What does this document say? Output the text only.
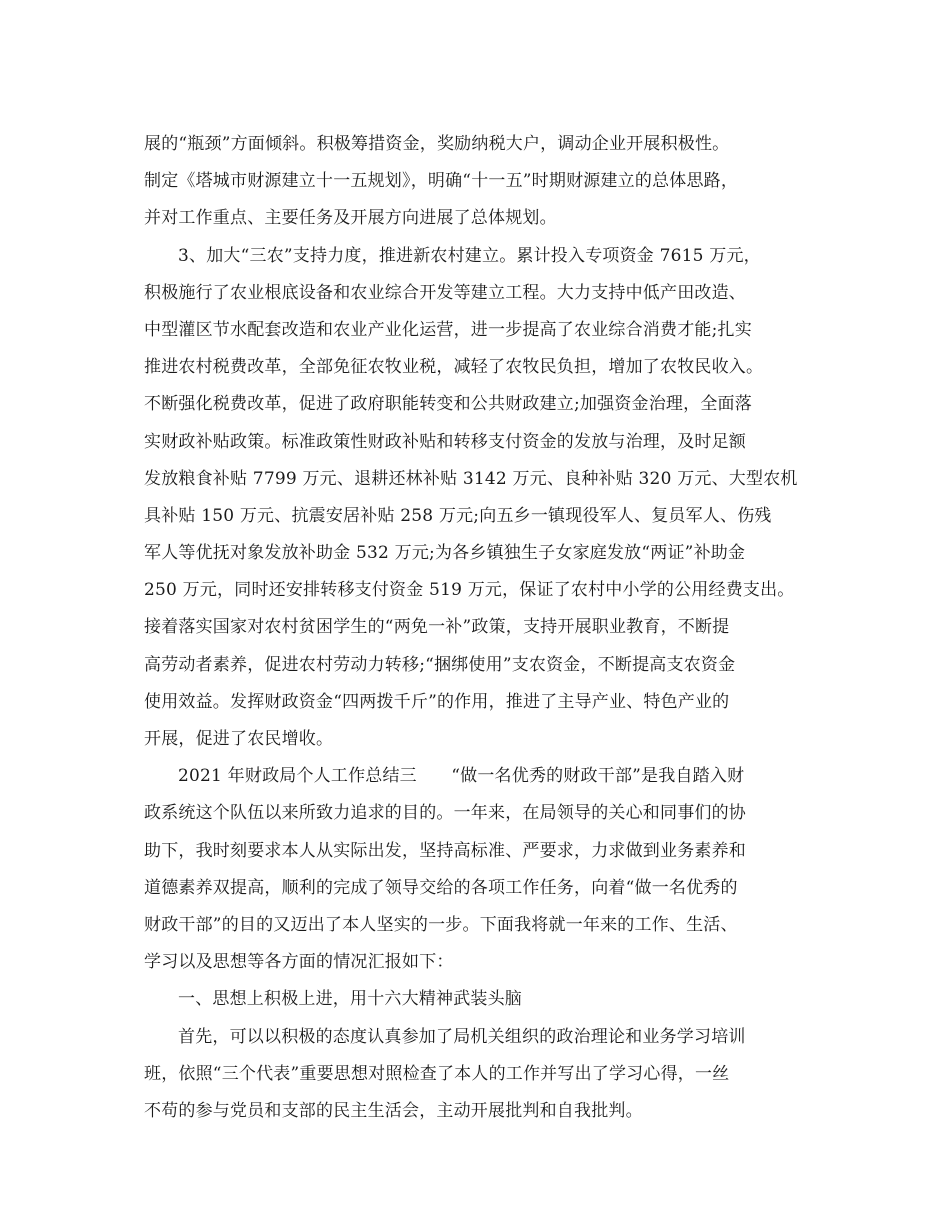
展的“瓶颈”方面倾斜。积极筹措资金，奖励纳税大户，调动企业开展积极性。
制定《塔城市财源建立十一五规划》，明确“十一五”时期财源建立的总体思路，
并对工作重点、主要任务及开展方向进展了总体规划。
3、加大“三农”支持力度，推进新农村建立。累计投入专项资金 7615 万元，
积极施行了农业根底设备和农业综合开发等建立工程。大力支持中低产田改造、
中型灌区节水配套改造和农业产业化运营，进一步提高了农业综合消费才能;扎实
推进农村税费改革，全部免征农牧业税，减轻了农牧民负担，增加了农牧民收入。
不断强化税费改革，促进了政府职能转变和公共财政建立;加强资金治理，全面落
实财政补贴政策。标准政策性财政补贴和转移支付资金的发放与治理，及时足额
发放粮食补贴 7799 万元、退耕还林补贴 3142 万元、良种补贴 320 万元、大型农机
具补贴 150 万元、抗震安居补贴 258 万元;向五乡一镇现役军人、复员军人、伤残
军人等优抚对象发放补助金 532 万元;为各乡镇独生子女家庭发放“两证”补助金
250 万元，同时还安排转移支付资金 519 万元，保证了农村中小学的公用经费支出。
接着落实国家对农村贫困学生的“两免一补”政策，支持开展职业教育，不断提
高劳动者素养，促进农村劳动力转移;“捆绑使用”支农资金，不断提高支农资金
使用效益。发挥财政资金“四两拨千斤”的作用，推进了主导产业、特色产业的
开展，促进了农民增收。
2021 年财政局个人工作总结三　　“做一名优秀的财政干部”是我自踏入财
政系统这个队伍以来所致力追求的目的。一年来，在局领导的关心和同事们的协
助下，我时刻要求本人从实际出发，坚持高标准、严要求，力求做到业务素养和
道德素养双提高，顺利的完成了领导交给的各项工作任务，向着“做一名优秀的
财政干部”的目的又迈出了本人坚实的一步。下面我将就一年来的工作、生活、
学习以及思想等各方面的情况汇报如下：
一、思想上积极上进，用十六大精神武装头脑
首先，可以以积极的态度认真参加了局机关组织的政治理论和业务学习培训
班，依照“三个代表”重要思想对照检查了本人的工作并写出了学习心得，一丝
不苟的参与党员和支部的民主生活会，主动开展批判和自我批判。
